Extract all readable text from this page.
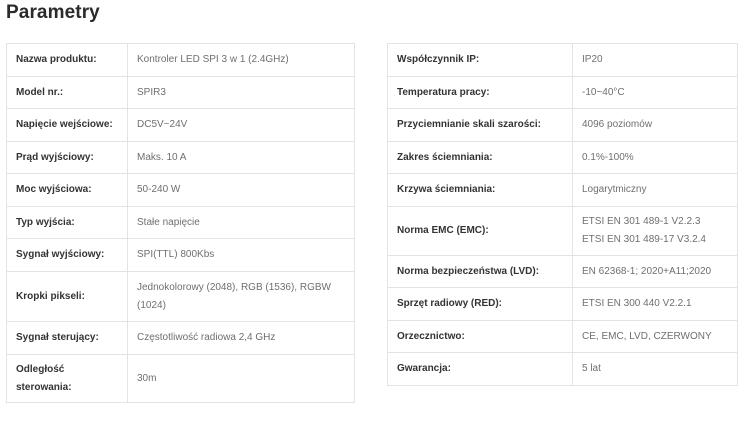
Parametry
Nazwa produktu:	Kontroler LED SPI 3 w 1 (2.4GHz)
Model nr.:	SPIR3
Napięcie wejściowe:	DC5V~24V
Prąd wyjściowy:	Maks. 10 A
Moc wyjściowa:	50-240 W
Typ wyjścia:	Stałe napięcie
Sygnał wyjściowy:	SPI(TTL) 800Kbs
Kropki pikseli:	Jednokolorowy (2048), RGB (1536), RGBW (1024)
Sygnał sterujący:	Częstotliwość radiowa 2,4 GHz
Odległość sterowania:	30m
Współczynnik IP:	IP20
Temperatura pracy:	-10~40°C
Przyciemnianie skali szarości:	4096 poziomów
Zakres ściemniania:	0.1%-100%
Krzywa ściemniania:	Logarytmiczny
Norma EMC (EMC):	ETSI EN 301 489-1 V2.2.3
ETSI EN 301 489-17 V3.2.4

Norma bezpieczeństwa (LVD):	EN 62368-1; 2020+A11;2020
Sprzęt radiowy (RED):	ETSI EN 300 440 V2.2.1
Orzecznictwo:	CE, EMC, LVD, CZERWONY
Gwarancja:	5 lat
